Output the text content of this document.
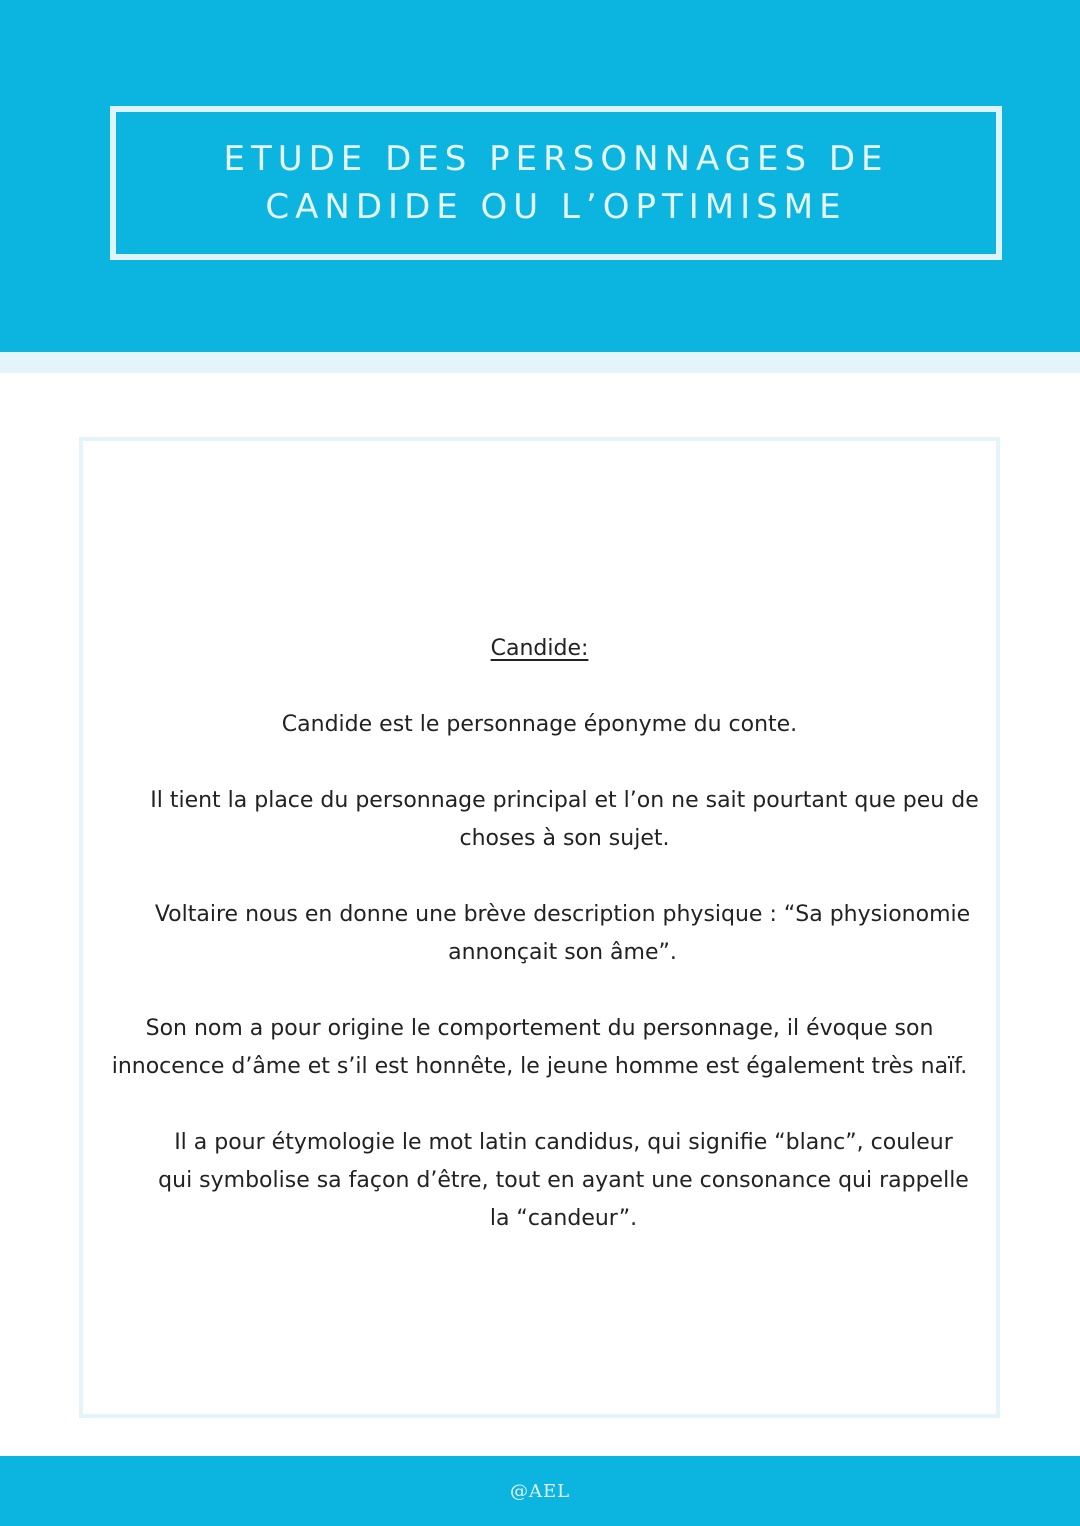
ETUDE DES PERSONNAGES DE
CANDIDE OU L’OPTIMISME

Candide:

Candide est le personnage éponyme du conte.

Il tient la place du personnage principal et l’on ne sait pourtant que peu de choses à son sujet.

Voltaire nous en donne une brève description physique : “Sa physionomie annonçait son âme”.

Son nom a pour origine le comportement du personnage, il évoque son innocence d’âme et s’il est honnête, le jeune homme est également très naïf.

Il a pour étymologie le mot latin candidus, qui signifie “blanc”, couleur qui symbolise sa façon d’être, tout en ayant une consonance qui rappelle la “candeur”.

@AEL
